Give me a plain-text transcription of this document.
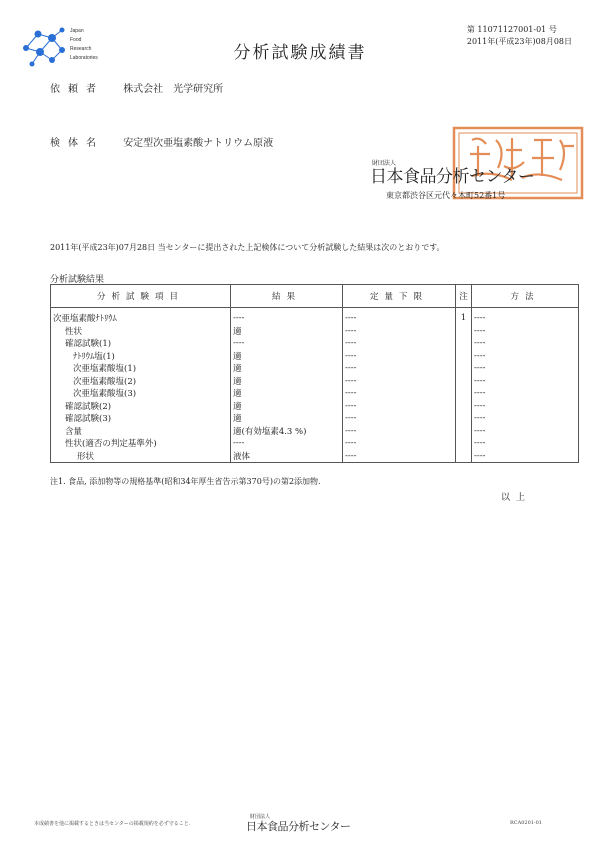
Japan
Food
Research
Laboratories	分析試験成績書
第 11071127001-01 号
2011年(平成23年)08月08日
依頼者 株式会社　光学研究所
検体名 安定型次亜塩素酸ナトリウム原液
財団法人
日本食品分析センター
東京都渋谷区元代々木町52番1号
2011年(平成23年)07月28日 当センターに提出された上記検体について分析試験した結果は次のとおりです。
分析試験結果
分析試験項目	結果	定量下限	注	方法
次亜塩素酸ﾅﾄﾘｳﾑ	----	----	1	----
性状	適	----		----
確認試験(1)	----	----		----
ﾅﾄﾘｳﾑ塩(1)	適	----		----
次亜塩素酸塩(1)	適	----		----
次亜塩素酸塩(2)	適	----		----
次亜塩素酸塩(3)	適	----		----
確認試験(2)	適	----		----
確認試験(3)	適	----		----
含量	適(有効塩素4.3 %)	----		----
性状(適否の判定基準外)	----	----		----
形状	液体	----		----
注1. 食品, 添加物等の規格基準(昭和34年厚生省告示第370号)の第2添加物.
以上
本成績書を他に掲載するときは当センターの掲載規約を必ず守ること.
財団法人
日本食品分析センター	RCA0201-01
